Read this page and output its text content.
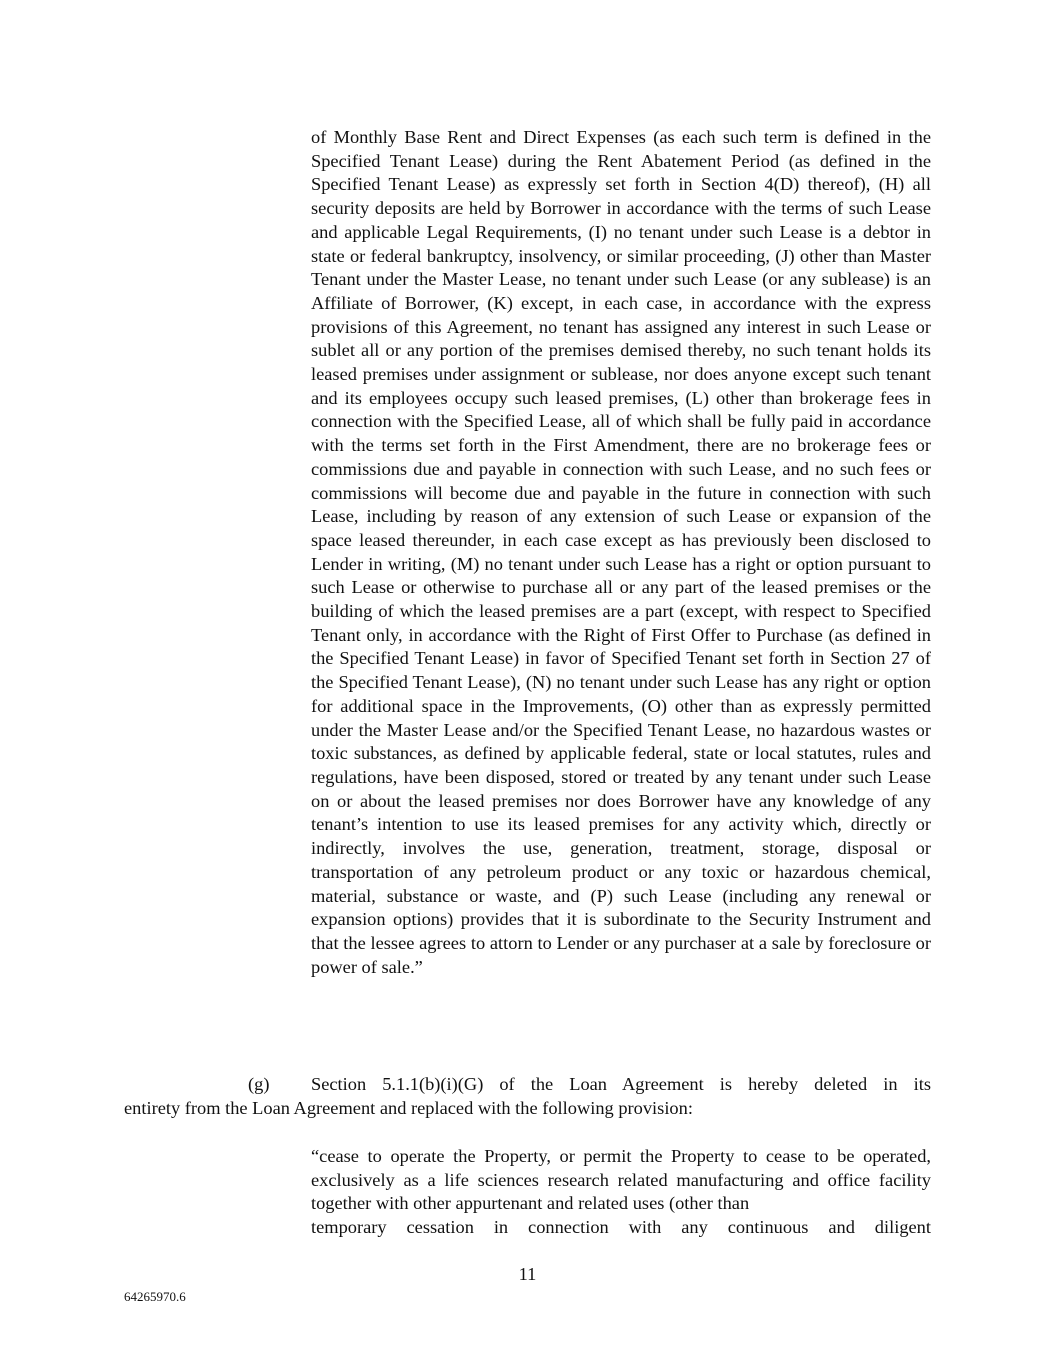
of Monthly Base Rent and Direct Expenses (as each such term is defined in the Specified Tenant Lease) during the Rent Abatement Period (as defined in the Specified Tenant Lease) as expressly set forth in Section 4(D) thereof), (H) all security deposits are held by Borrower in accordance with the terms of such Lease and applicable Legal Requirements, (I) no tenant under such Lease is a debtor in state or federal bankruptcy, insolvency, or similar proceeding, (J) other than Master Tenant under the Master Lease, no tenant under such Lease (or any sublease) is an Affiliate of Borrower, (K) except, in each case, in accordance with the express provisions of this Agreement, no tenant has assigned any interest in such Lease or sublet all or any portion of the premises demised thereby, no such tenant holds its leased premises under assignment or sublease, nor does anyone except such tenant and its employees occupy such leased premises, (L) other than brokerage fees in connection with the Specified Lease, all of which shall be fully paid in accordance with the terms set forth in the First Amendment, there are no brokerage fees or commissions due and payable in connection with such Lease, and no such fees or commissions will become due and payable in the future in connection with such Lease, including by reason of any extension of such Lease or expansion of the space leased thereunder, in each case except as has previously been disclosed to Lender in writing, (M) no tenant under such Lease has a right or option pursuant to such Lease or otherwise to purchase all or any part of the leased premises or the building of which the leased premises are a part (except, with respect to Specified Tenant only, in accordance with the Right of First Offer to Purchase (as defined in the Specified Tenant Lease) in favor of Specified Tenant set forth in Section 27 of the Specified Tenant Lease), (N) no tenant under such Lease has any right or option for additional space in the Improvements, (O) other than as expressly permitted under the Master Lease and/or the Specified Tenant Lease, no hazardous wastes or toxic substances, as defined by applicable federal, state or local statutes, rules and regulations, have been disposed, stored or treated by any tenant under such Lease on or about the leased premises nor does Borrower have any knowledge of any tenant’s intention to use its leased premises for any activity which, directly or indirectly, involves the use, generation, treatment, storage, disposal or transportation of any petroleum product or any toxic or hazardous chemical, material, substance or waste, and (P) such Lease (including any renewal or expansion options) provides that it is subordinate to the Security Instrument and that the lessee agrees to attorn to Lender or any purchaser at a sale by foreclosure or power of sale.”
(g)	Section 5.1.1(b)(i)(G) of the Loan Agreement is hereby deleted in its
entirety from the Loan Agreement and replaced with the following provision:
“cease to operate the Property, or permit the Property to cease to be operated, exclusively as a life sciences research related manufacturing and office facility together with other appurtenant and related uses (other than
temporary cessation in connection with any continuous and diligent
11
64265970.6
